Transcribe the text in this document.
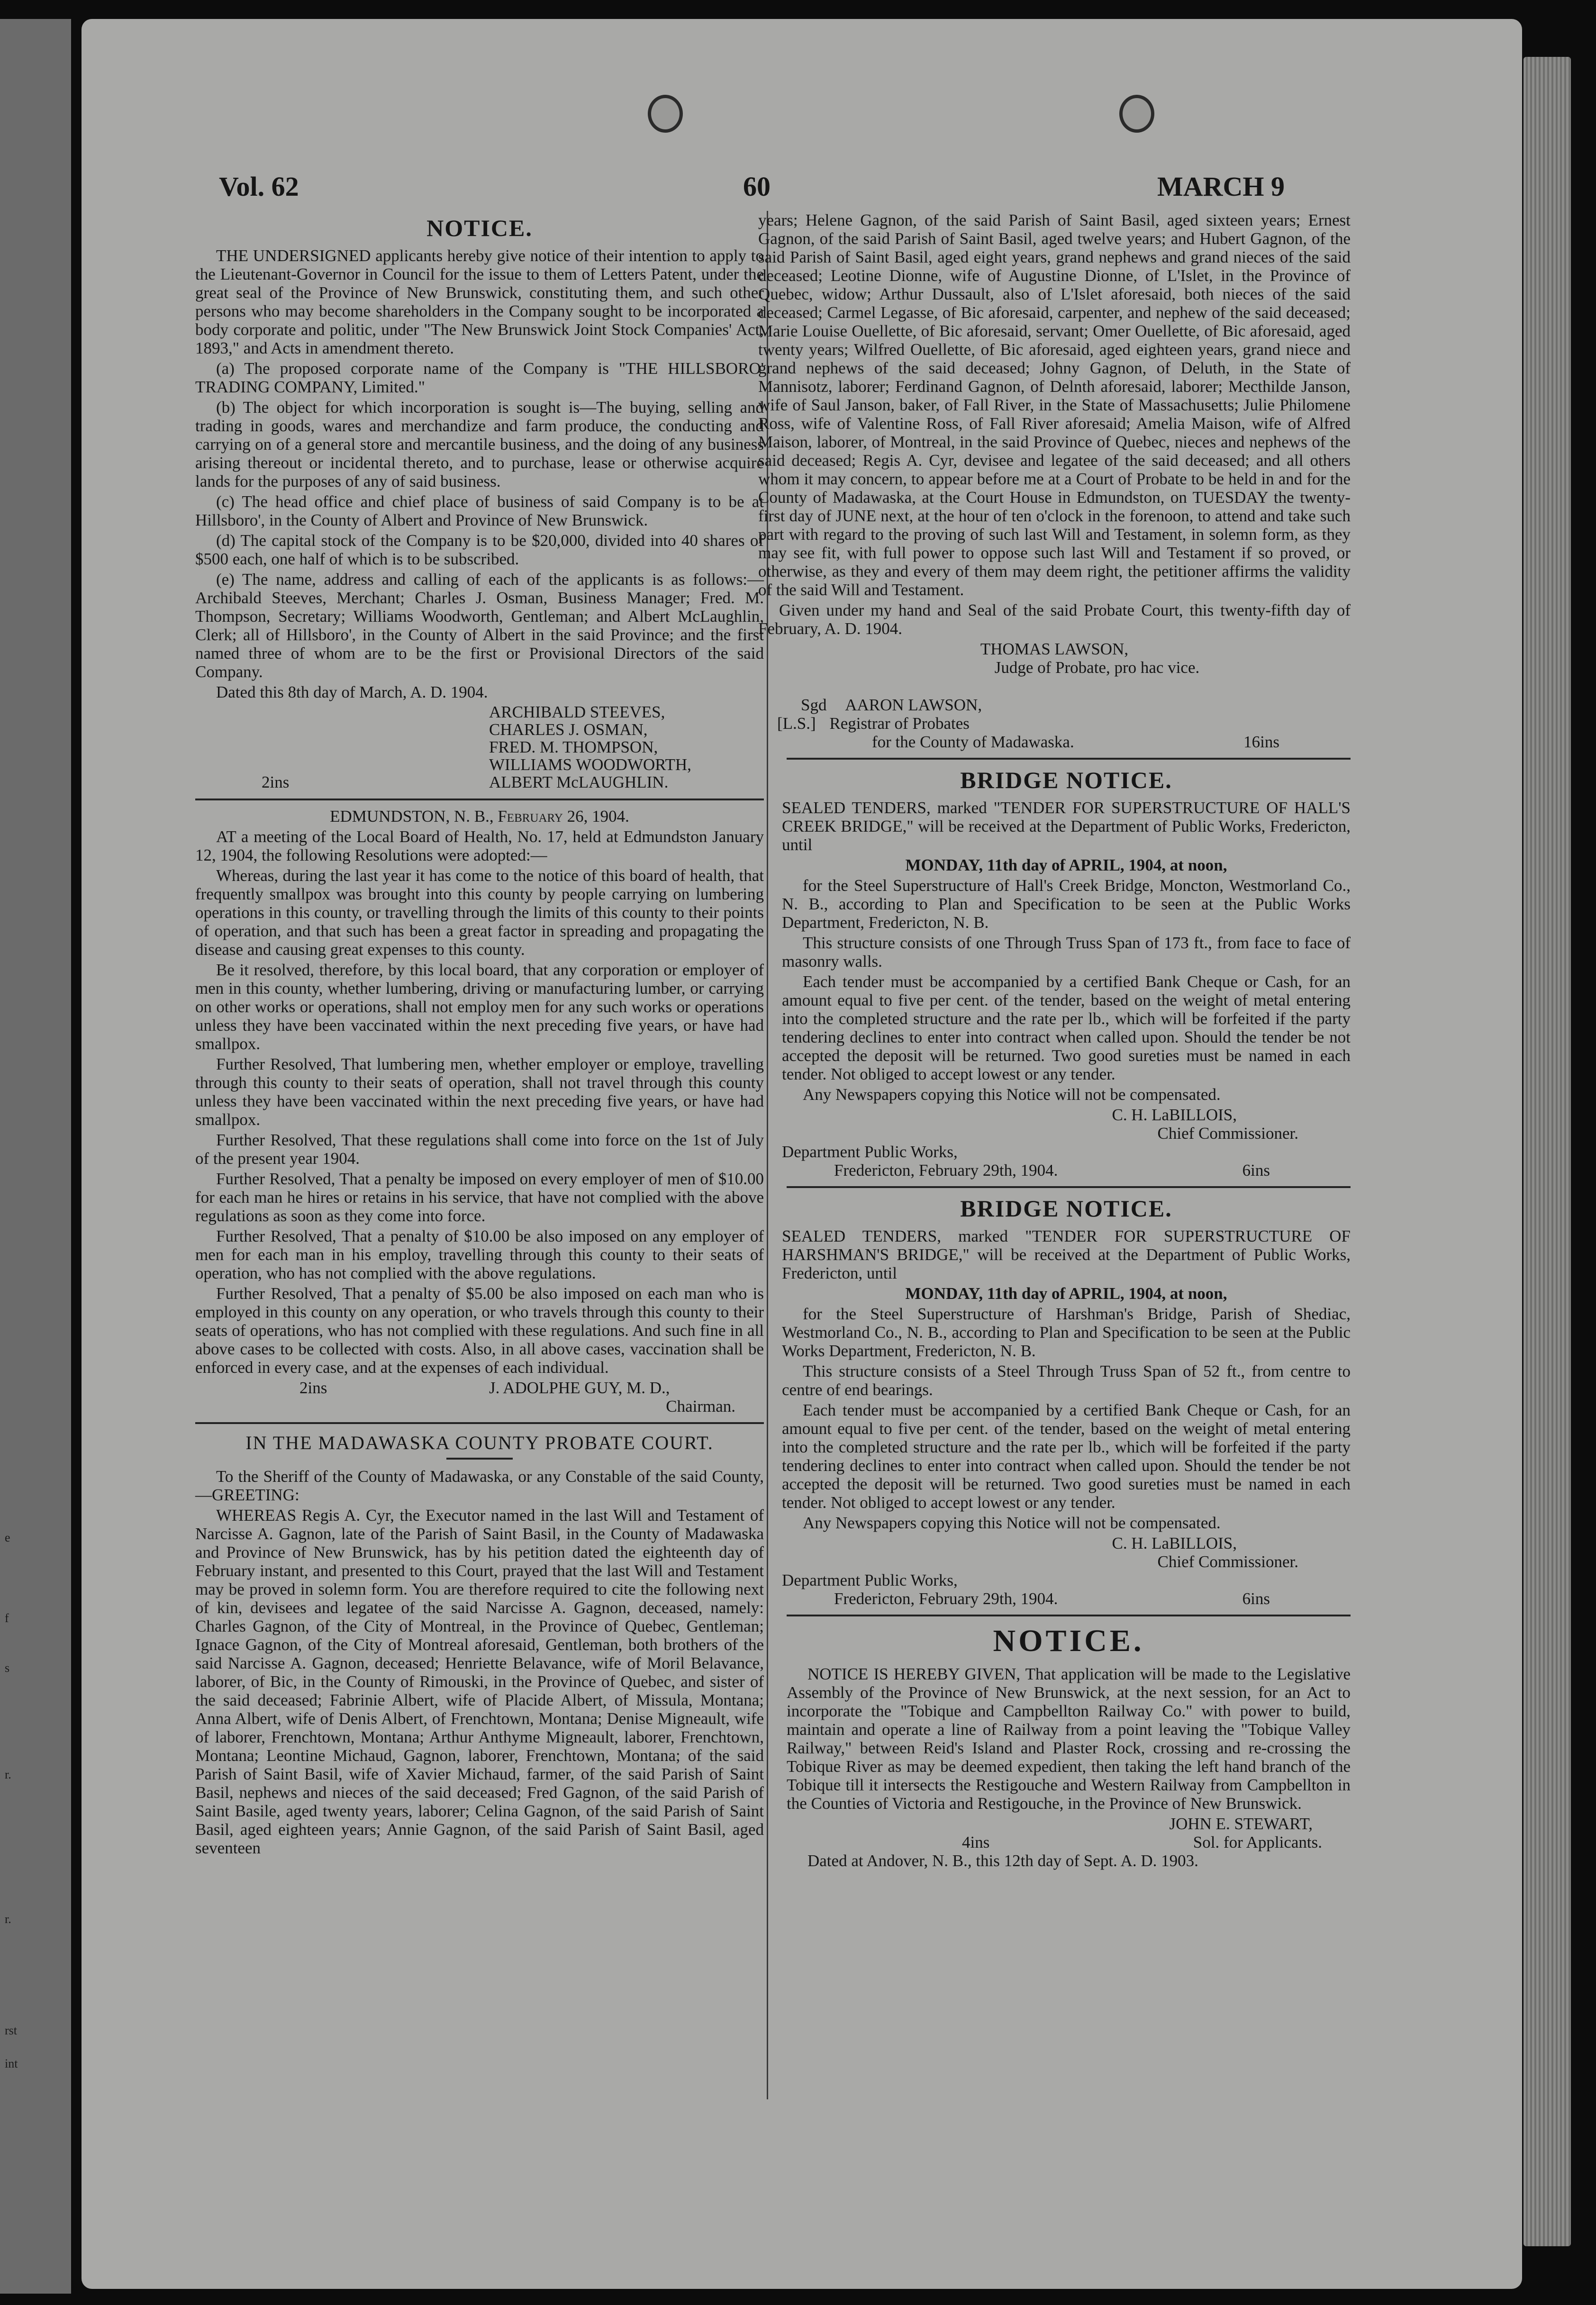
e
f
s
r.
r.
rst
int
Vol. 62	60	MARCH 9
NOTICE.

THE UNDERSIGNED applicants hereby give notice of their intention to apply to the Lieutenant-Governor in Council for the issue to them of Letters Patent, under the great seal of the Province of New Brunswick, constituting them, and such other persons who may become shareholders in the Company sought to be incorporated a body corporate and politic, under "The New Brunswick Joint Stock Companies' Act, 1893," and Acts in amendment thereto.

(a) The proposed corporate name of the Company is "THE HILLSBORO' TRADING COMPANY, Limited."

(b) The object for which incorporation is sought is—The buying, selling and trading in goods, wares and merchandize and farm produce, the conducting and carrying on of a general store and mercantile business, and the doing of any business arising thereout or incidental thereto, and to purchase, lease or otherwise acquire lands for the purposes of any of said business.

(c) The head office and chief place of business of said Company is to be at Hillsboro', in the County of Albert and Province of New Brunswick.

(d) The capital stock of the Company is to be $20,000, divided into 40 shares of $500 each, one half of which is to be subscribed.

(e) The name, address and calling of each of the applicants is as follows:—Archibald Steeves, Merchant; Charles J. Osman, Business Manager; Fred. M. Thompson, Secretary; Williams Woodworth, Gentleman; and Albert McLaughlin, Clerk; all of Hillsboro', in the County of Albert in the said Province; and the first named three of whom are to be the first or Provisional Directors of the said Company.

Dated this 8th day of March, A. D. 1904.

ARCHIBALD STEEVES,
CHARLES J. OSMAN,
FRED. M. THOMPSON,
WILLIAMS WOODWORTH,
ALBERT McLAUGHLIN.
2ins

EDMUNDSTON, N. B., February 26, 1904.

AT a meeting of the Local Board of Health, No. 17, held at Edmundston January 12, 1904, the following Resolutions were adopted:—

Whereas, during the last year it has come to the notice of this board of health, that frequently smallpox was brought into this county by people carrying on lumbering operations in this county, or travelling through the limits of this county to their points of operation, and that such has been a great factor in spreading and propagating the disease and causing great expenses to this county.

Be it resolved, therefore, by this local board, that any corporation or employer of men in this county, whether lumbering, driving or manufacturing lumber, or carrying on other works or operations, shall not employ men for any such works or operations unless they have been vaccinated within the next preceding five years, or have had smallpox.

Further Resolved, That lumbering men, whether employer or employe, travelling through this county to their seats of operation, shall not travel through this county unless they have been vaccinated within the next preceding five years, or have had smallpox.

Further Resolved, That these regulations shall come into force on the 1st of July of the present year 1904.

Further Resolved, That a penalty be imposed on every employer of men of $10.00 for each man he hires or retains in his service, that have not complied with the above regulations as soon as they come into force.

Further Resolved, That a penalty of $10.00 be also imposed on any employer of men for each man in his employ, travelling through this county to their seats of operation, who has not complied with the above regulations.

Further Resolved, That a penalty of $5.00 be also imposed on each man who is employed in this county on any operation, or who travels through this county to their seats of operations, who has not complied with these regulations. And such fine in all above cases to be collected with costs. Also, in all above cases, vaccination shall be enforced in every case, and at the expenses of each individual.

2ins	J. ADOLPHE GUY, M. D.,
Chairman.
IN THE MADAWASKA COUNTY PROBATE COURT.

To the Sheriff of the County of Madawaska, or any Constable of the said County,—GREETING:

WHEREAS Regis A. Cyr, the Executor named in the last Will and Testament of Narcisse A. Gagnon, late of the Parish of Saint Basil, in the County of Madawaska and Province of New Brunswick, has by his petition dated the eighteenth day of February instant, and presented to this Court, prayed that the last Will and Testament may be proved in solemn form. You are therefore required to cite the following next of kin, devisees and legatee of the said Narcisse A. Gagnon, deceased, namely: Charles Gagnon, of the City of Montreal, in the Province of Quebec, Gentleman; Ignace Gagnon, of the City of Montreal aforesaid, Gentleman, both brothers of the said Narcisse A. Gagnon, deceased; Henriette Belavance, wife of Moril Belavance, laborer, of Bic, in the County of Rimouski, in the Province of Quebec, and sister of the said deceased; Fabrinie Albert, wife of Placide Albert, of Missula, Montana; Anna Albert, wife of Denis Albert, of Frenchtown, Montana; Denise Migneault, wife of laborer, Frenchtown, Montana; Arthur Anthyme Migneault, laborer, Frenchtown, Montana; Leontine Michaud, Gagnon, laborer, Frenchtown, Montana; of the said Parish of Saint Basil, wife of Xavier Michaud, farmer, of the said Parish of Saint Basil, nephews and nieces of the said deceased; Fred Gagnon, of the said Parish of Saint Basile, aged twenty years, laborer; Celina Gagnon, of the said Parish of Saint Basil, aged eighteen years; Annie Gagnon, of the said Parish of Saint Basil, aged seventeen

years; Helene Gagnon, of the said Parish of Saint Basil, aged sixteen years; Ernest Gagnon, of the said Parish of Saint Basil, aged twelve years; and Hubert Gagnon, of the said Parish of Saint Basil, aged eight years, grand nephews and grand nieces of the said deceased; Leotine Dionne, wife of Augustine Dionne, of L'Islet, in the Province of Quebec, widow; Arthur Dussault, also of L'Islet aforesaid, both nieces of the said deceased; Carmel Legasse, of Bic aforesaid, carpenter, and nephew of the said deceased; Marie Louise Ouellette, of Bic aforesaid, servant; Omer Ouellette, of Bic aforesaid, aged twenty years; Wilfred Ouellette, of Bic aforesaid, aged eighteen years, grand niece and grand nephews of the said deceased; Johny Gagnon, of Deluth, in the State of Mannisotz, laborer; Ferdinand Gagnon, of Delnth aforesaid, laborer; Mecthilde Janson, wife of Saul Janson, baker, of Fall River, in the State of Massachusetts; Julie Philomene Ross, wife of Valentine Ross, of Fall River aforesaid; Amelia Maison, wife of Alfred Maison, laborer, of Montreal, in the said Province of Quebec, nieces and nephews of the said deceased; Regis A. Cyr, devisee and legatee of the said deceased; and all others whom it may concern, to appear before me at a Court of Probate to be held in and for the County of Madawaska, at the Court House in Edmundston, on TUESDAY the twenty-first day of JUNE next, at the hour of ten o'clock in the forenoon, to attend and take such part with regard to the proving of such last Will and Testament, in solemn form, as they may see fit, with full power to oppose such last Will and Testament if so proved, or otherwise, as they and every of them may deem right, the petitioner affirms the validity of the said Will and Testament.

Given under my hand and Seal of the said Probate Court, this twenty-fifth day of February, A. D. 1904.

THOMAS LAWSON,
Judge of Probate, pro hac vice.
Sgd AARON LAWSON,
[L.S.] Registrar of Probates
for the County of Madawaska.	16ins
BRIDGE NOTICE.

SEALED TENDERS, marked "TENDER FOR SUPERSTRUCTURE OF HALL'S CREEK BRIDGE," will be received at the Department of Public Works, Fredericton, until

MONDAY, 11th day of APRIL, 1904, at noon,

for the Steel Superstructure of Hall's Creek Bridge, Moncton, Westmorland Co., N. B., according to Plan and Specification to be seen at the Public Works Department, Fredericton, N. B.

This structure consists of one Through Truss Span of 173 ft., from face to face of masonry walls.

Each tender must be accompanied by a certified Bank Cheque or Cash, for an amount equal to five per cent. of the tender, based on the weight of metal entering into the completed structure and the rate per lb., which will be forfeited if the party tendering declines to enter into contract when called upon. Should the tender be not accepted the deposit will be returned. Two good sureties must be named in each tender. Not obliged to accept lowest or any tender.

Any Newspapers copying this Notice will not be compensated.

C. H. LaBILLOIS,
Chief Commissioner.
Department Public Works,
Fredericton, February 29th, 1904.	6ins
BRIDGE NOTICE.

SEALED TENDERS, marked "TENDER FOR SUPERSTRUCTURE OF HARSHMAN'S BRIDGE," will be received at the Department of Public Works, Fredericton, until

MONDAY, 11th day of APRIL, 1904, at noon,

for the Steel Superstructure of Harshman's Bridge, Parish of Shediac, Westmorland Co., N. B., according to Plan and Specification to be seen at the Public Works Department, Fredericton, N. B.

This structure consists of a Steel Through Truss Span of 52 ft., from centre to centre of end bearings.

Each tender must be accompanied by a certified Bank Cheque or Cash, for an amount equal to five per cent. of the tender, based on the weight of metal entering into the completed structure and the rate per lb., which will be forfeited if the party tendering declines to enter into contract when called upon. Should the tender be not accepted the deposit will be returned. Two good sureties must be named in each tender. Not obliged to accept lowest or any tender.

Any Newspapers copying this Notice will not be compensated.

C. H. LaBILLOIS,
Chief Commissioner.
Department Public Works,
Fredericton, February 29th, 1904.	6ins
NOTICE.

NOTICE IS HEREBY GIVEN, That application will be made to the Legislative Assembly of the Province of New Brunswick, at the next session, for an Act to incorporate the "Tobique and Campbellton Railway Co." with power to build, maintain and operate a line of Railway from a point leaving the "Tobique Valley Railway," between Reid's Island and Plaster Rock, crossing and re-crossing the Tobique River as may be deemed expedient, then taking the left hand branch of the Tobique till it intersects the Restigouche and Western Railway from Campbellton in the Counties of Victoria and Restigouche, in the Province of New Brunswick.

JOHN E. STEWART,
4ins	Sol. for Applicants.

Dated at Andover, N. B., this 12th day of Sept. A. D. 1903.
